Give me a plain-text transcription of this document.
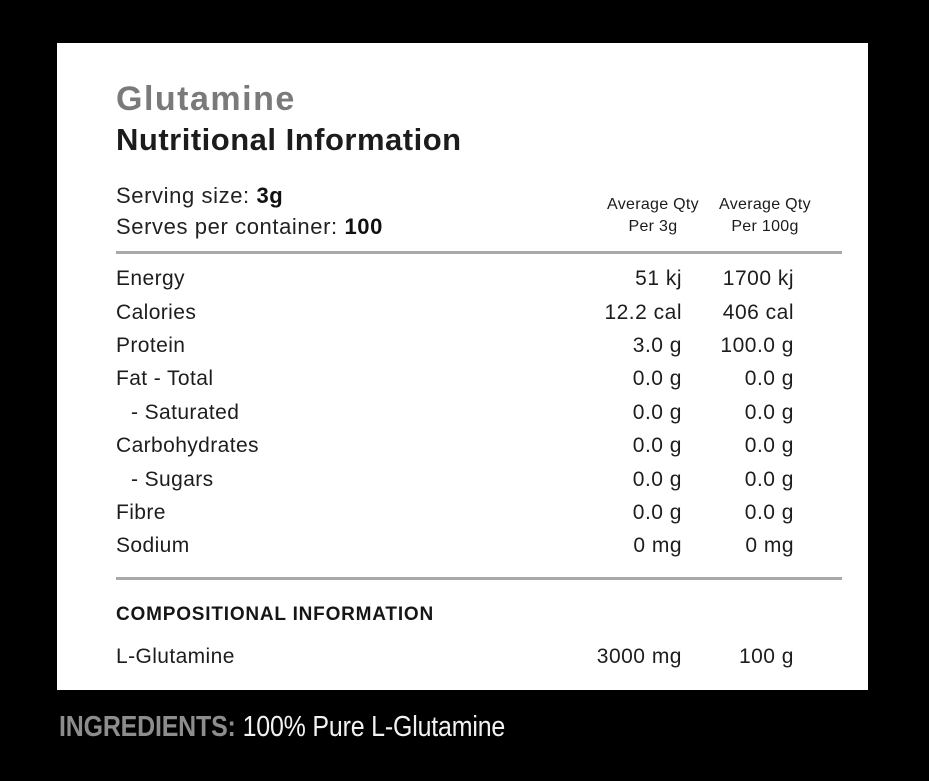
Glutamine
Nutritional Information
Serving size: 3g
Serves per container: 100
Average Qty
Per 3g
Average Qty
Per 100g
Energy	51 kj	1700 kj
Calories	12.2 cal	406 cal
Protein	3.0 g	100.0 g
Fat - Total	0.0 g	0.0 g
- Saturated	0.0 g	0.0 g
Carbohydrates	0.0 g	0.0 g
- Sugars	0.0 g	0.0 g
Fibre	0.0 g	0.0 g
Sodium	0 mg	0 mg
COMPOSITIONAL INFORMATION
L-Glutamine	3000 mg	100 g
INGREDIENTS: 100% Pure L-Glutamine
